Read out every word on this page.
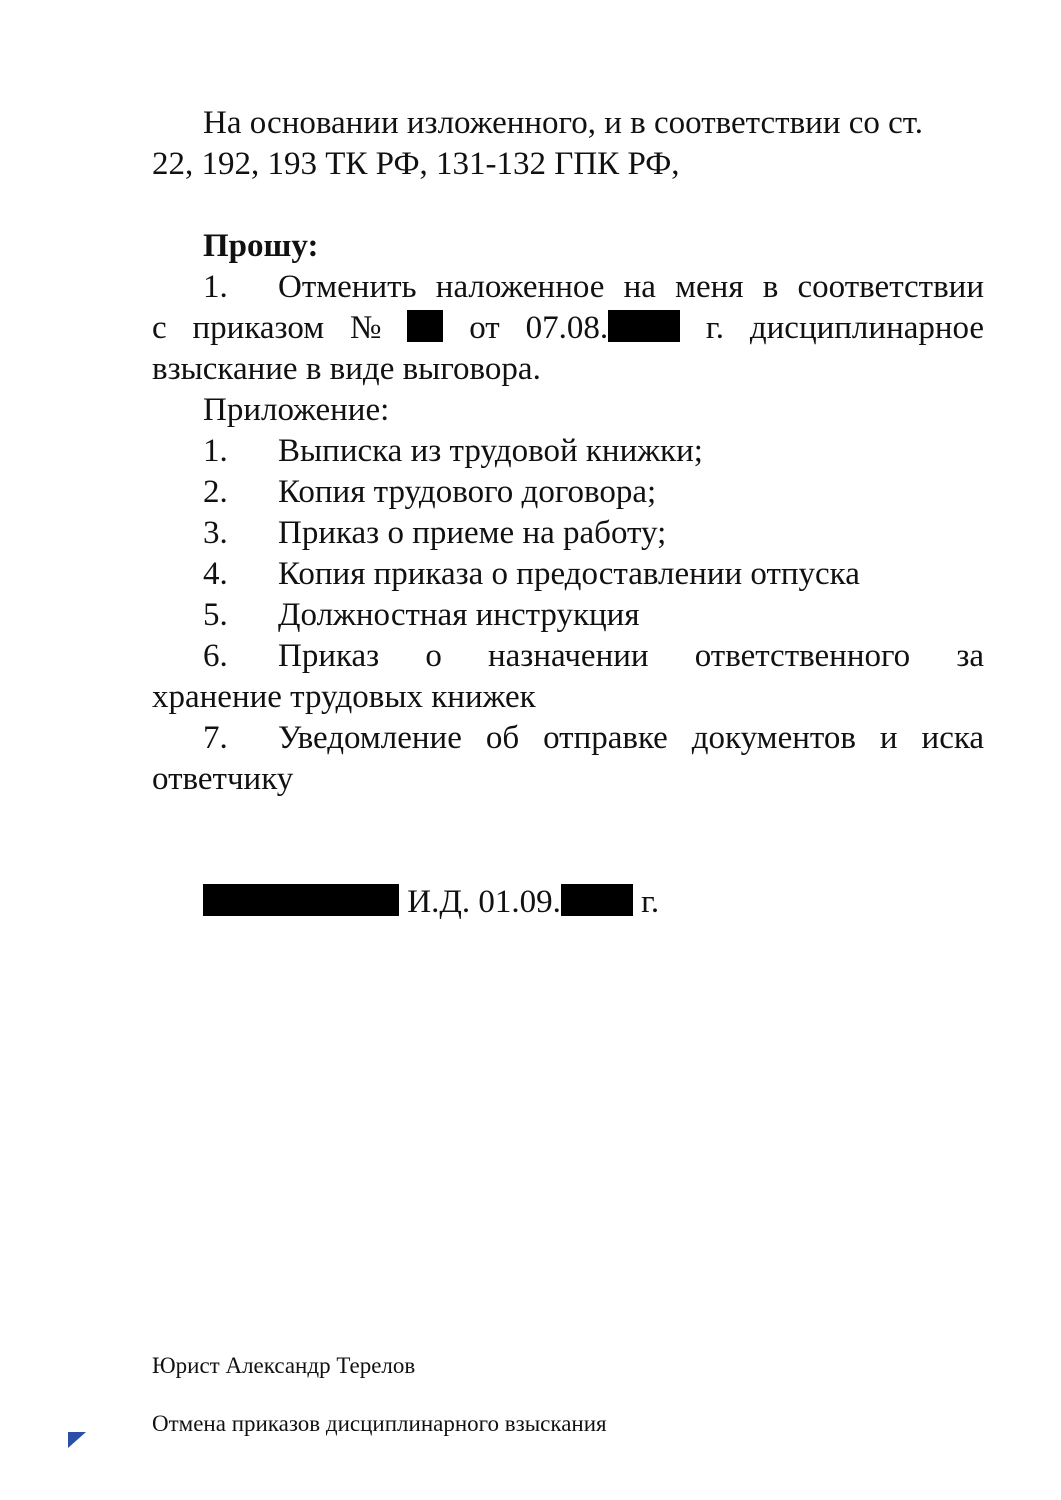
На основании изложенного, и в соответствии со ст.
22, 192, 193 ТК РФ, 131-132 ГПК РФ,
Прошу:
1. Отменить наложенное на меня в соответствии
с приказом №	от 07.08.	г. дисциплинарное
взыскание в виде выговора.
Приложение:
1. Выписка из трудовой книжки;
2. Копия трудового договора;
3. Приказ о приеме на работу;
4. Копия приказа о предоставлении отпуска
5. Должностная инструкция
6. Приказ о назначении ответственного за
хранение трудовых книжек
7. Уведомление об отправке документов и иска
ответчику
И.Д. 01.09. г.
Юрист Александр Терелов
Отмена приказов дисциплинарного взыскания
